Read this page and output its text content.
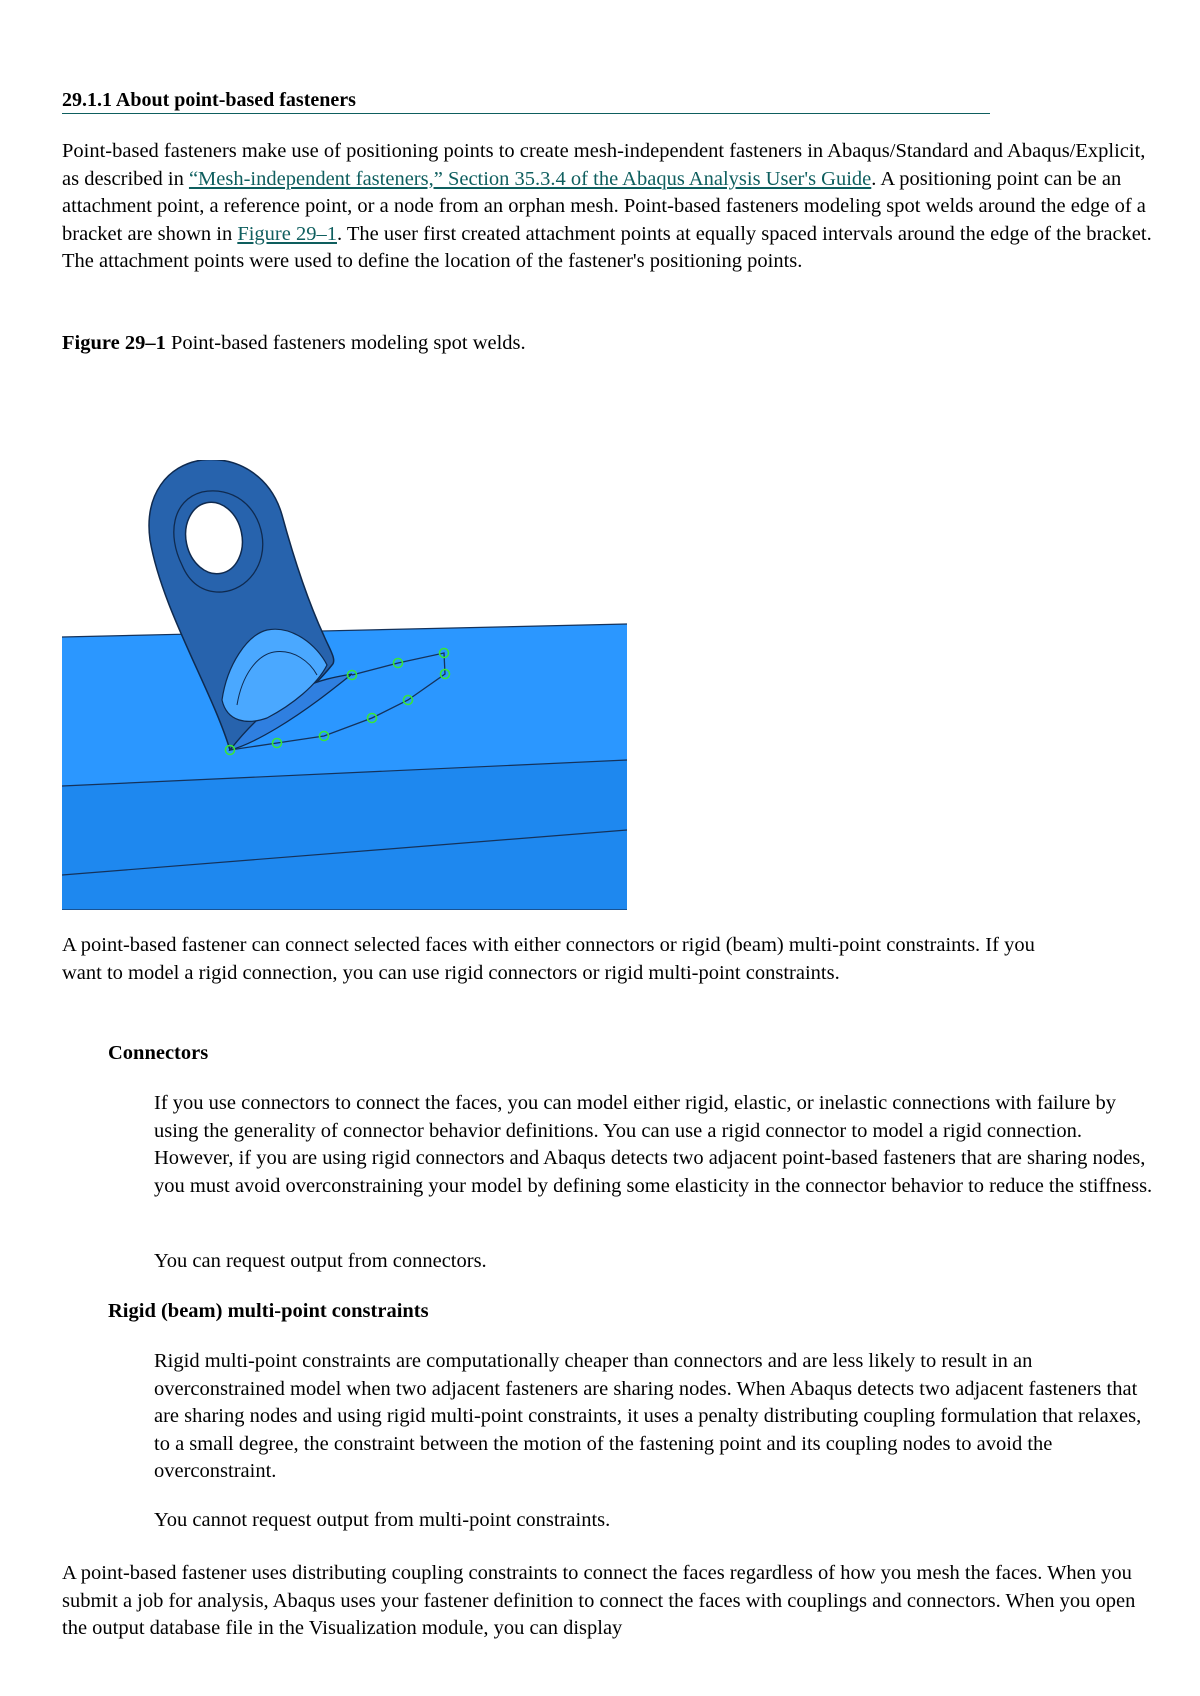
29.1.1 About point-based fasteners

Point-based fasteners make use of positioning points to create mesh-independent fasteners in Abaqus/Standard and Abaqus/Explicit, as described in “Mesh-independent fasteners,” Section 35.3.4 of the Abaqus Analysis User's Guide. A positioning point can be an attachment point, a reference point, or a node from an orphan mesh. Point-based fasteners modeling spot welds around the edge of a bracket are shown in Figure 29–1. The user first created attachment points at equally spaced intervals around the edge of the bracket. The attachment points were used to define the location of the fastener's positioning points.

Figure 29–1 Point-based fasteners modeling spot welds.

A point-based fastener can connect selected faces with either connectors or rigid (beam) multi-point constraints. If you want to model a rigid connection, you can use rigid connectors or rigid multi-point constraints.

Connectors

If you use connectors to connect the faces, you can model either rigid, elastic, or inelastic connections with failure by using the generality of connector behavior definitions. You can use a rigid connector to model a rigid connection. However, if you are using rigid connectors and Abaqus detects two adjacent point-based fasteners that are sharing nodes, you must avoid overconstraining your model by defining some elasticity in the connector behavior to reduce the stiffness.

You can request output from connectors.

Rigid (beam) multi-point constraints

Rigid multi-point constraints are computationally cheaper than connectors and are less likely to result in an overconstrained model when two adjacent fasteners are sharing nodes. When Abaqus detects two adjacent fasteners that are sharing nodes and using rigid multi-point constraints, it uses a penalty distributing coupling formulation that relaxes, to a small degree, the constraint between the motion of the fastening point and its coupling nodes to avoid the overconstraint.

You cannot request output from multi-point constraints.

A point-based fastener uses distributing coupling constraints to connect the faces regardless of how you mesh the faces. When you submit a job for analysis, Abaqus uses your fastener definition to connect the faces with couplings and connectors. When you open the output database file in the Visualization module, you can display
